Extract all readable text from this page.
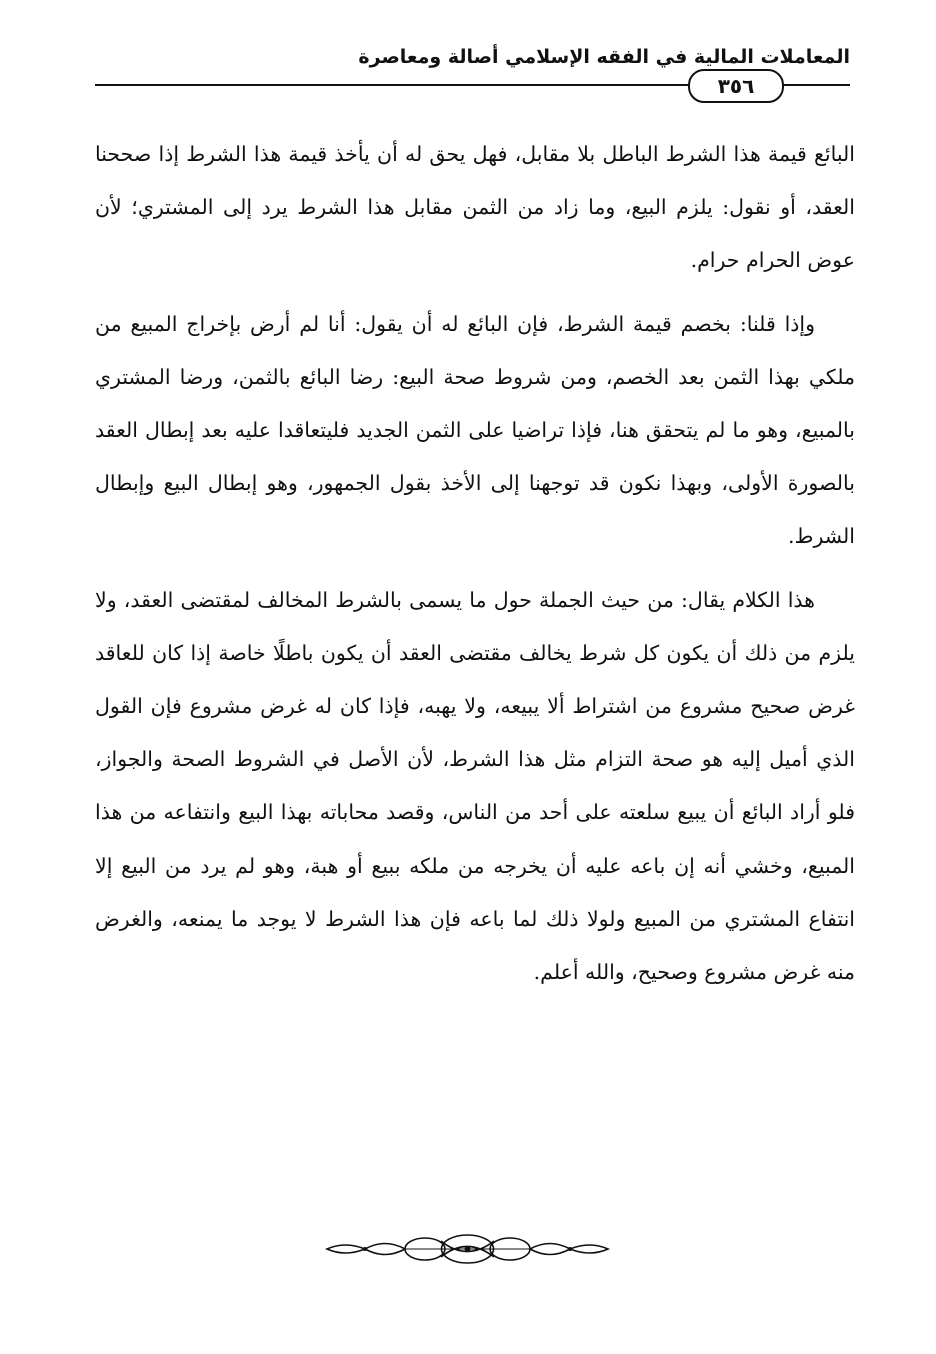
المعاملات المالية في الفقه الإسلامي أصالة ومعاصرة
٣٥٦

البائع قيمة هذا الشرط الباطل بلا مقابل، فهل يحق له أن يأخذ قيمة هذا الشرط إذا صححنا العقد، أو نقول: يلزم البيع، وما زاد من الثمن مقابل هذا الشرط يرد إلى المشتري؛ لأن عوض الحرام حرام.

وإذا قلنا: بخصم قيمة الشرط، فإن البائع له أن يقول: أنا لم أرض بإخراج المبيع من ملكي بهذا الثمن بعد الخصم، ومن شروط صحة البيع: رضا البائع بالثمن، ورضا المشتري بالمبيع، وهو ما لم يتحقق هنا، فإذا تراضيا على الثمن الجديد فليتعاقدا عليه بعد إبطال العقد بالصورة الأولى، وبهذا نكون قد توجهنا إلى الأخذ بقول الجمهور، وهو إبطال البيع وإبطال الشرط.

هذا الكلام يقال: من حيث الجملة حول ما يسمى بالشرط المخالف لمقتضى العقد، ولا يلزم من ذلك أن يكون كل شرط يخالف مقتضى العقد أن يكون باطلًا خاصة إذا كان للعاقد غرض صحيح مشروع من اشتراط ألا يبيعه، ولا يهبه، فإذا كان له غرض مشروع فإن القول الذي أميل إليه هو صحة التزام مثل هذا الشرط، لأن الأصل في الشروط الصحة والجواز، فلو أراد البائع أن يبيع سلعته على أحد من الناس، وقصد محاباته بهذا البيع وانتفاعه من هذا المبيع، وخشي أنه إن باعه عليه أن يخرجه من ملكه ببيع أو هبة، وهو لم يرد من البيع إلا انتفاع المشتري من المبيع ولولا ذلك لما باعه فإن هذا الشرط لا يوجد ما يمنعه، والغرض منه غرض مشروع وصحيح، والله أعلم.
